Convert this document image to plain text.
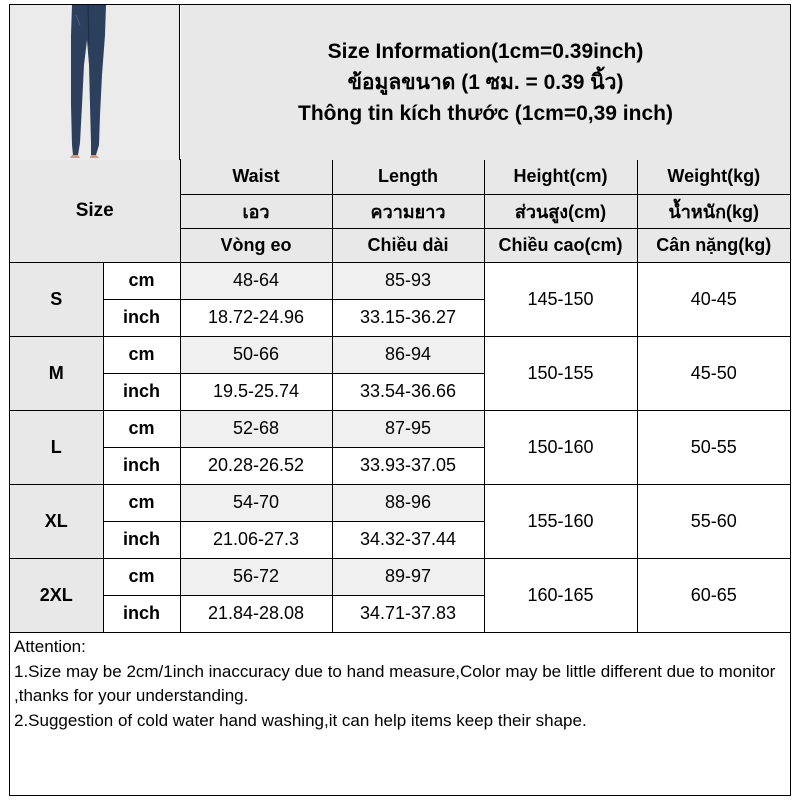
Size Information(1cm=0.39inch)
ข้อมูลขนาด (1 ซม. = 0.39 นิ้ว)
Thông tin kích thước (1cm=0,39 inch)
Size		Waist	Length	Height(cm)	Weight(kg)
		เอว	ความยาว	ส่วนสูง(cm)	น้ำหนัก(kg)
		Vòng eo	Chiều dài	Chiều cao(cm)	Cân nặng(kg)
S	cm	48-64	85-93	145-150	40-45
	inch	18.72-24.96	33.15-36.27		
M	cm	50-66	86-94	150-155	45-50
	inch	19.5-25.74	33.54-36.66		
L	cm	52-68	87-95	150-160	50-55
	inch	20.28-26.52	33.93-37.05		
XL	cm	54-70	88-96	155-160	55-60
	inch	21.06-27.3	34.32-37.44		
2XL	cm	56-72	89-97	160-165	60-65
	inch	21.84-28.08	34.71-37.83		

Attention:

1.Size may be 2cm/1inch inaccuracy due to hand measure,Color may be little different due to monitor ,thanks for your understanding.

2.Suggestion of cold water hand washing,it can help items keep their shape.
